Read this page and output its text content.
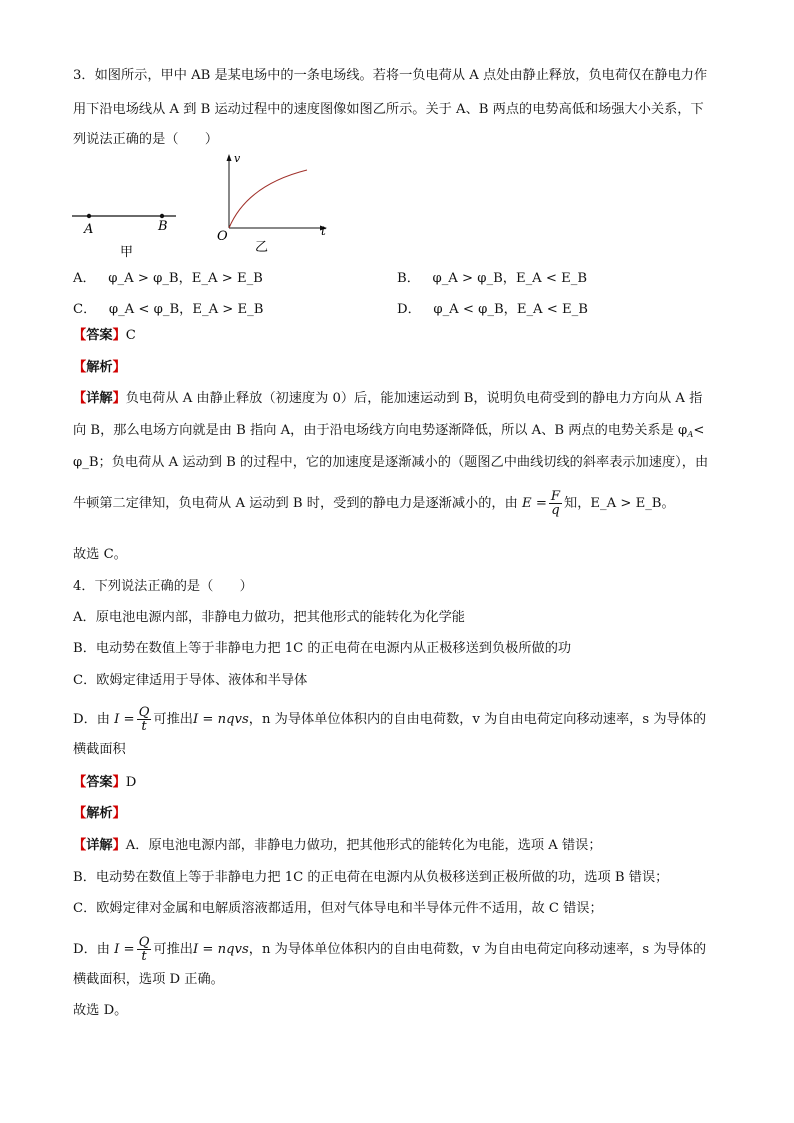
3．如图所示，甲中 AB 是某电场中的一条电场线。若将一负电荷从 A 点处由静止释放，负电荷仅在静电力作
用下沿电场线从 A 到 B 运动过程中的速度图像如图乙所示。关于 A、B 两点的电势高低和场强大小关系，下
列说法正确的是（　　）
A	B
甲
v
t
O
乙
A． φ_A > φ_B，E_A > E_B	B． φ_A > φ_B，E_A < E_B
C． φ_A < φ_B，E_A > E_B	D． φ_A < φ_B，E_A < E_B
【答案】C
【解析】
【详解】负电荷从 A 由静止释放（初速度为 0）后，能加速运动到 B，说明负电荷受到的静电力方向从 A 指
向 B，那么电场方向就是由 B 指向 A，由于沿电场线方向电势逐渐降低，所以 A、B 两点的电势关系是 $\varphi_A<$
φ_B；负电荷从 A 运动到 B 的过程中，它的加速度是逐渐减小的（题图乙中曲线切线的斜率表示加速度），由
牛顿第二定律知，负电荷从 A 运动到 B 时，受到的静电力是逐渐减小的，由 $E = \frac{F}{q}$ 知，E_A > E_B。
故选 C。
4．下列说法正确的是（　　）
A．原电池电源内部，非静电力做功，把其他形式的能转化为化学能
B．电动势在数值上等于非静电力把 1C 的正电荷在电源内从正极移送到负极所做的功
C．欧姆定律适用于导体、液体和半导体
D．由 $I = \frac{Q}{t}$ 可推出I = nqvs，n 为导体单位体积内的自由电荷数，v 为自由电荷定向移动速率，s 为导体的
横截面积
【答案】D
【解析】
【详解】A．原电池电源内部，非静电力做功，把其他形式的能转化为电能，选项 A 错误；
B．电动势在数值上等于非静电力把 1C 的正电荷在电源内从负极移送到正极所做的功，选项 B 错误；
C．欧姆定律对金属和电解质溶液都适用，但对气体导电和半导体元件不适用，故 C 错误；
D．由 $I = \frac{Q}{t}$ 可推出I = nqvs，n 为导体单位体积内的自由电荷数，v 为自由电荷定向移动速率，s 为导体的
横截面积，选项 D 正确。
故选 D。
